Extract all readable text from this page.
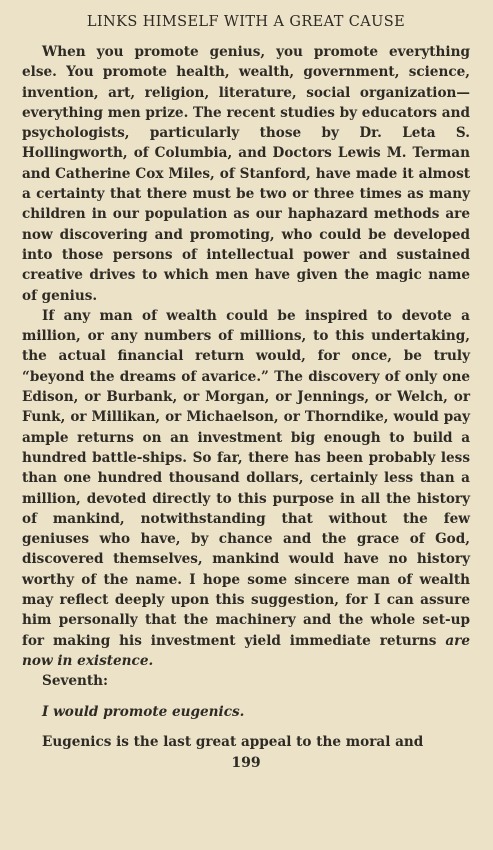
LINKS HIMSELF WITH A GREAT CAUSE

When you promote genius, you promote everything else. You promote health, wealth, government, science, invention, art, religion, literature, social organization—everything men prize. The recent studies by educators and psychologists, particularly those by Dr. Leta S. Hollingworth, of Columbia, and Doctors Lewis M. Terman and Catherine Cox Miles, of Stanford, have made it almost a certainty that there must be two or three times as many children in our population as our haphazard methods are now discovering and promoting, who could be developed into those persons of intellectual power and sustained creative drives to which men have given the magic name of genius.

If any man of wealth could be inspired to devote a million, or any numbers of millions, to this undertaking, the actual financial return would, for once, be truly “beyond the dreams of avarice.” The discovery of only one Edison, or Burbank, or Morgan, or Jennings, or Welch, or Funk, or Millikan, or Michaelson, or Thorndike, would pay ample returns on an investment big enough to build a hundred battle-ships. So far, there has been probably less than one hundred thousand dollars, certainly less than a million, devoted directly to this purpose in all the history of mankind, notwithstanding that without the few geniuses who have, by chance and the grace of God, discovered themselves, mankind would have no history worthy of the name. I hope some sincere man of wealth may reflect deeply upon this suggestion, for I can assure him personally that the machinery and the whole set-up for making his investment yield immediate returns are now in existence.

Seventh:

I would promote eugenics.

Eugenics is the last great appeal to the moral and

199
